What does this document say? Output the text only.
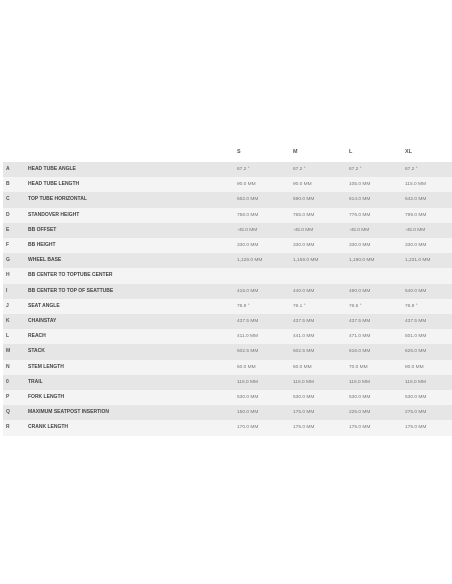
		S	M	L	XL
A	HEAD TUBE ANGLE	67.2 °	67.2 °	67.2 °	67.2 °
B	HEAD TUBE LENGTH	90.0 MM	90.0 MM	105.0 MM	115.0 MM
C	TOP TUBE HORIZONTAL	562.0 MM	590.0 MM	614.0 MM	642.0 MM
D	STANDOVER HEIGHT	758.0 MM	765.0 MM	776.0 MM	799.0 MM
E	BB OFFSET	-45.0 MM	-45.0 MM	-45.0 MM	-45.0 MM
F	BB HEIGHT	330.0 MM	330.0 MM	330.0 MM	330.0 MM
G	WHEEL BASE	1,129.0 MM	1,159.0 MM	1,190.0 MM	1,231.0 MM
H	BB CENTER TO TOPTUBE CENTER				
I	BB CENTER TO TOP OF SEATTUBE	415.0 MM	440.0 MM	490.0 MM	540.0 MM
J	SEAT ANGLE	75.9 °	76.1 °	76.6 °	76.9 °
K	CHAINSTAY	437.5 MM	437.5 MM	437.5 MM	437.5 MM
L	REACH	411.0 MM	441.0 MM	471.0 MM	501.0 MM
M	STACK	602.5 MM	602.5 MM	616.0 MM	625.0 MM
N	STEM LENGTH	50.0 MM	60.0 MM	70.0 MM	80.0 MM
0	TRAIL	115.0 MM	115.0 MM	115.0 MM	115.0 MM
P	FORK LENGTH	530.0 MM	530.0 MM	530.0 MM	530.0 MM
Q	MAXIMUM SEATPOST INSERTION	150.0 MM	175.0 MM	225.0 MM	275.0 MM
R	CRANK LENGTH	170.0 MM	175.0 MM	175.0 MM	175.0 MM
